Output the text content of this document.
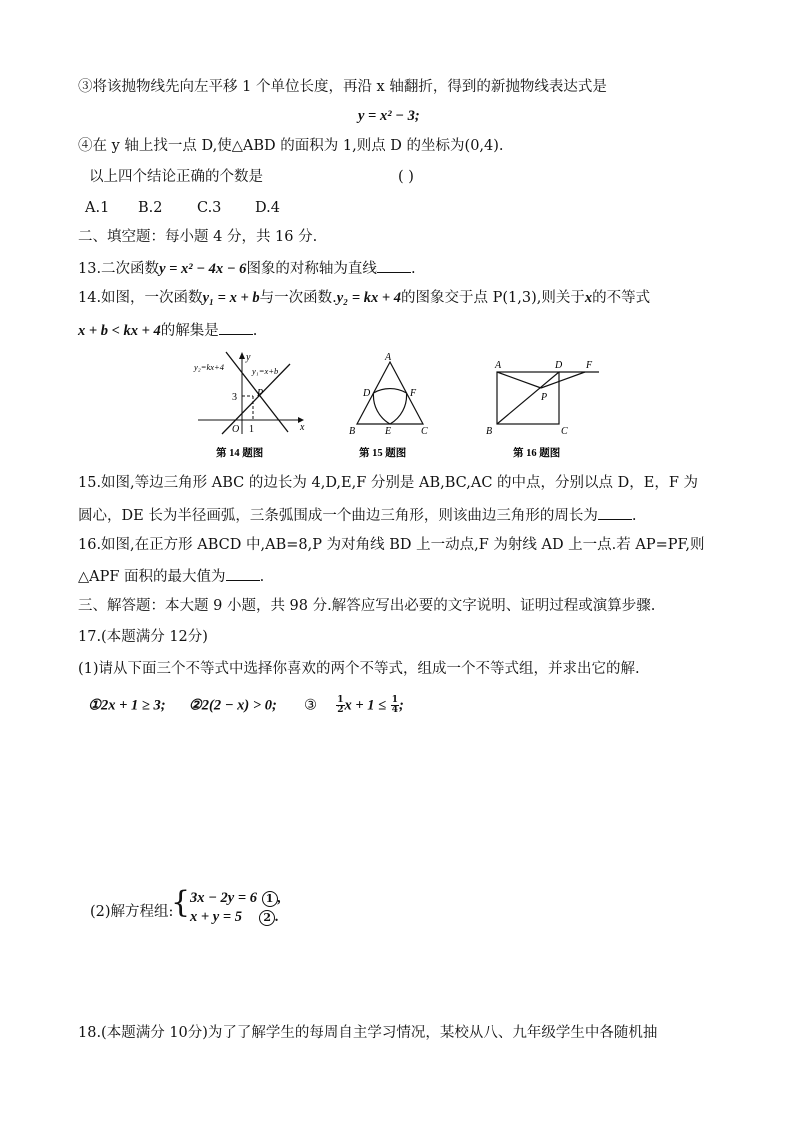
③将该抛物线先向左平移 1 个单位长度，再沿 x 轴翻折，得到的新抛物线表达式是
y = x² − 3;
④在 y 轴上找一点 D,使△ABD 的面积为 1,则点 D 的坐标为(0,4).
以上四个结论正确的个数是	( )
A.1 B.2 C.3 D.4
二、填空题：每小题 4 分，共 16 分.
13.二次函数y = x² − 4x − 6图象的对称轴为直线 .
14.如图，一次函数y₁ = x + b与一次函数.y₂ = kx + 4的图象交于点 P(1,3),则关于x的不等式
x + b < kx + 4的解集是 .
y₂=kx+4	y₁=x+b
y
x
P
O 1
3
第 14 题图
A
B	C
D
E
F
第 15 题图
A	D F
P
B	C
第 16 题图
15.如图,等边三角形 ABC 的边长为 4,D,E,F 分别是 AB,BC,AC 的中点，分别以点 D，E，F 为
圆心，DE 长为半径画弧，三条弧围成一个曲边三角形，则该曲边三角形的周长为 .
16.如图,在正方形 ABCD 中,AB=8,P 为对角线 BD 上一动点,F 为射线 AD 上一点.若 AP=PF,则
△APF 面积的最大值为 .
三、解答题：本大题 9 小题，共 98 分.解答应写出必要的文字说明、证明过程或演算步骤.
17.(本题满分 12分)
(1)请从下面三个不等式中选择你喜欢的两个不等式，组成一个不等式组，并求出它的解.
①2x + 1 ≥ 3; ②2(2 − x) > 0; ③ $\frac{1}{2}$ $x + 1 \le \frac{1}{4}$ ;
(2)解方程组:
{ 3x − 2y = 6 1 ,
x + y = 5 2 .
18.(本题满分 10分)为了了解学生的每周自主学习情况，某校从八、九年级学生中各随机抽
